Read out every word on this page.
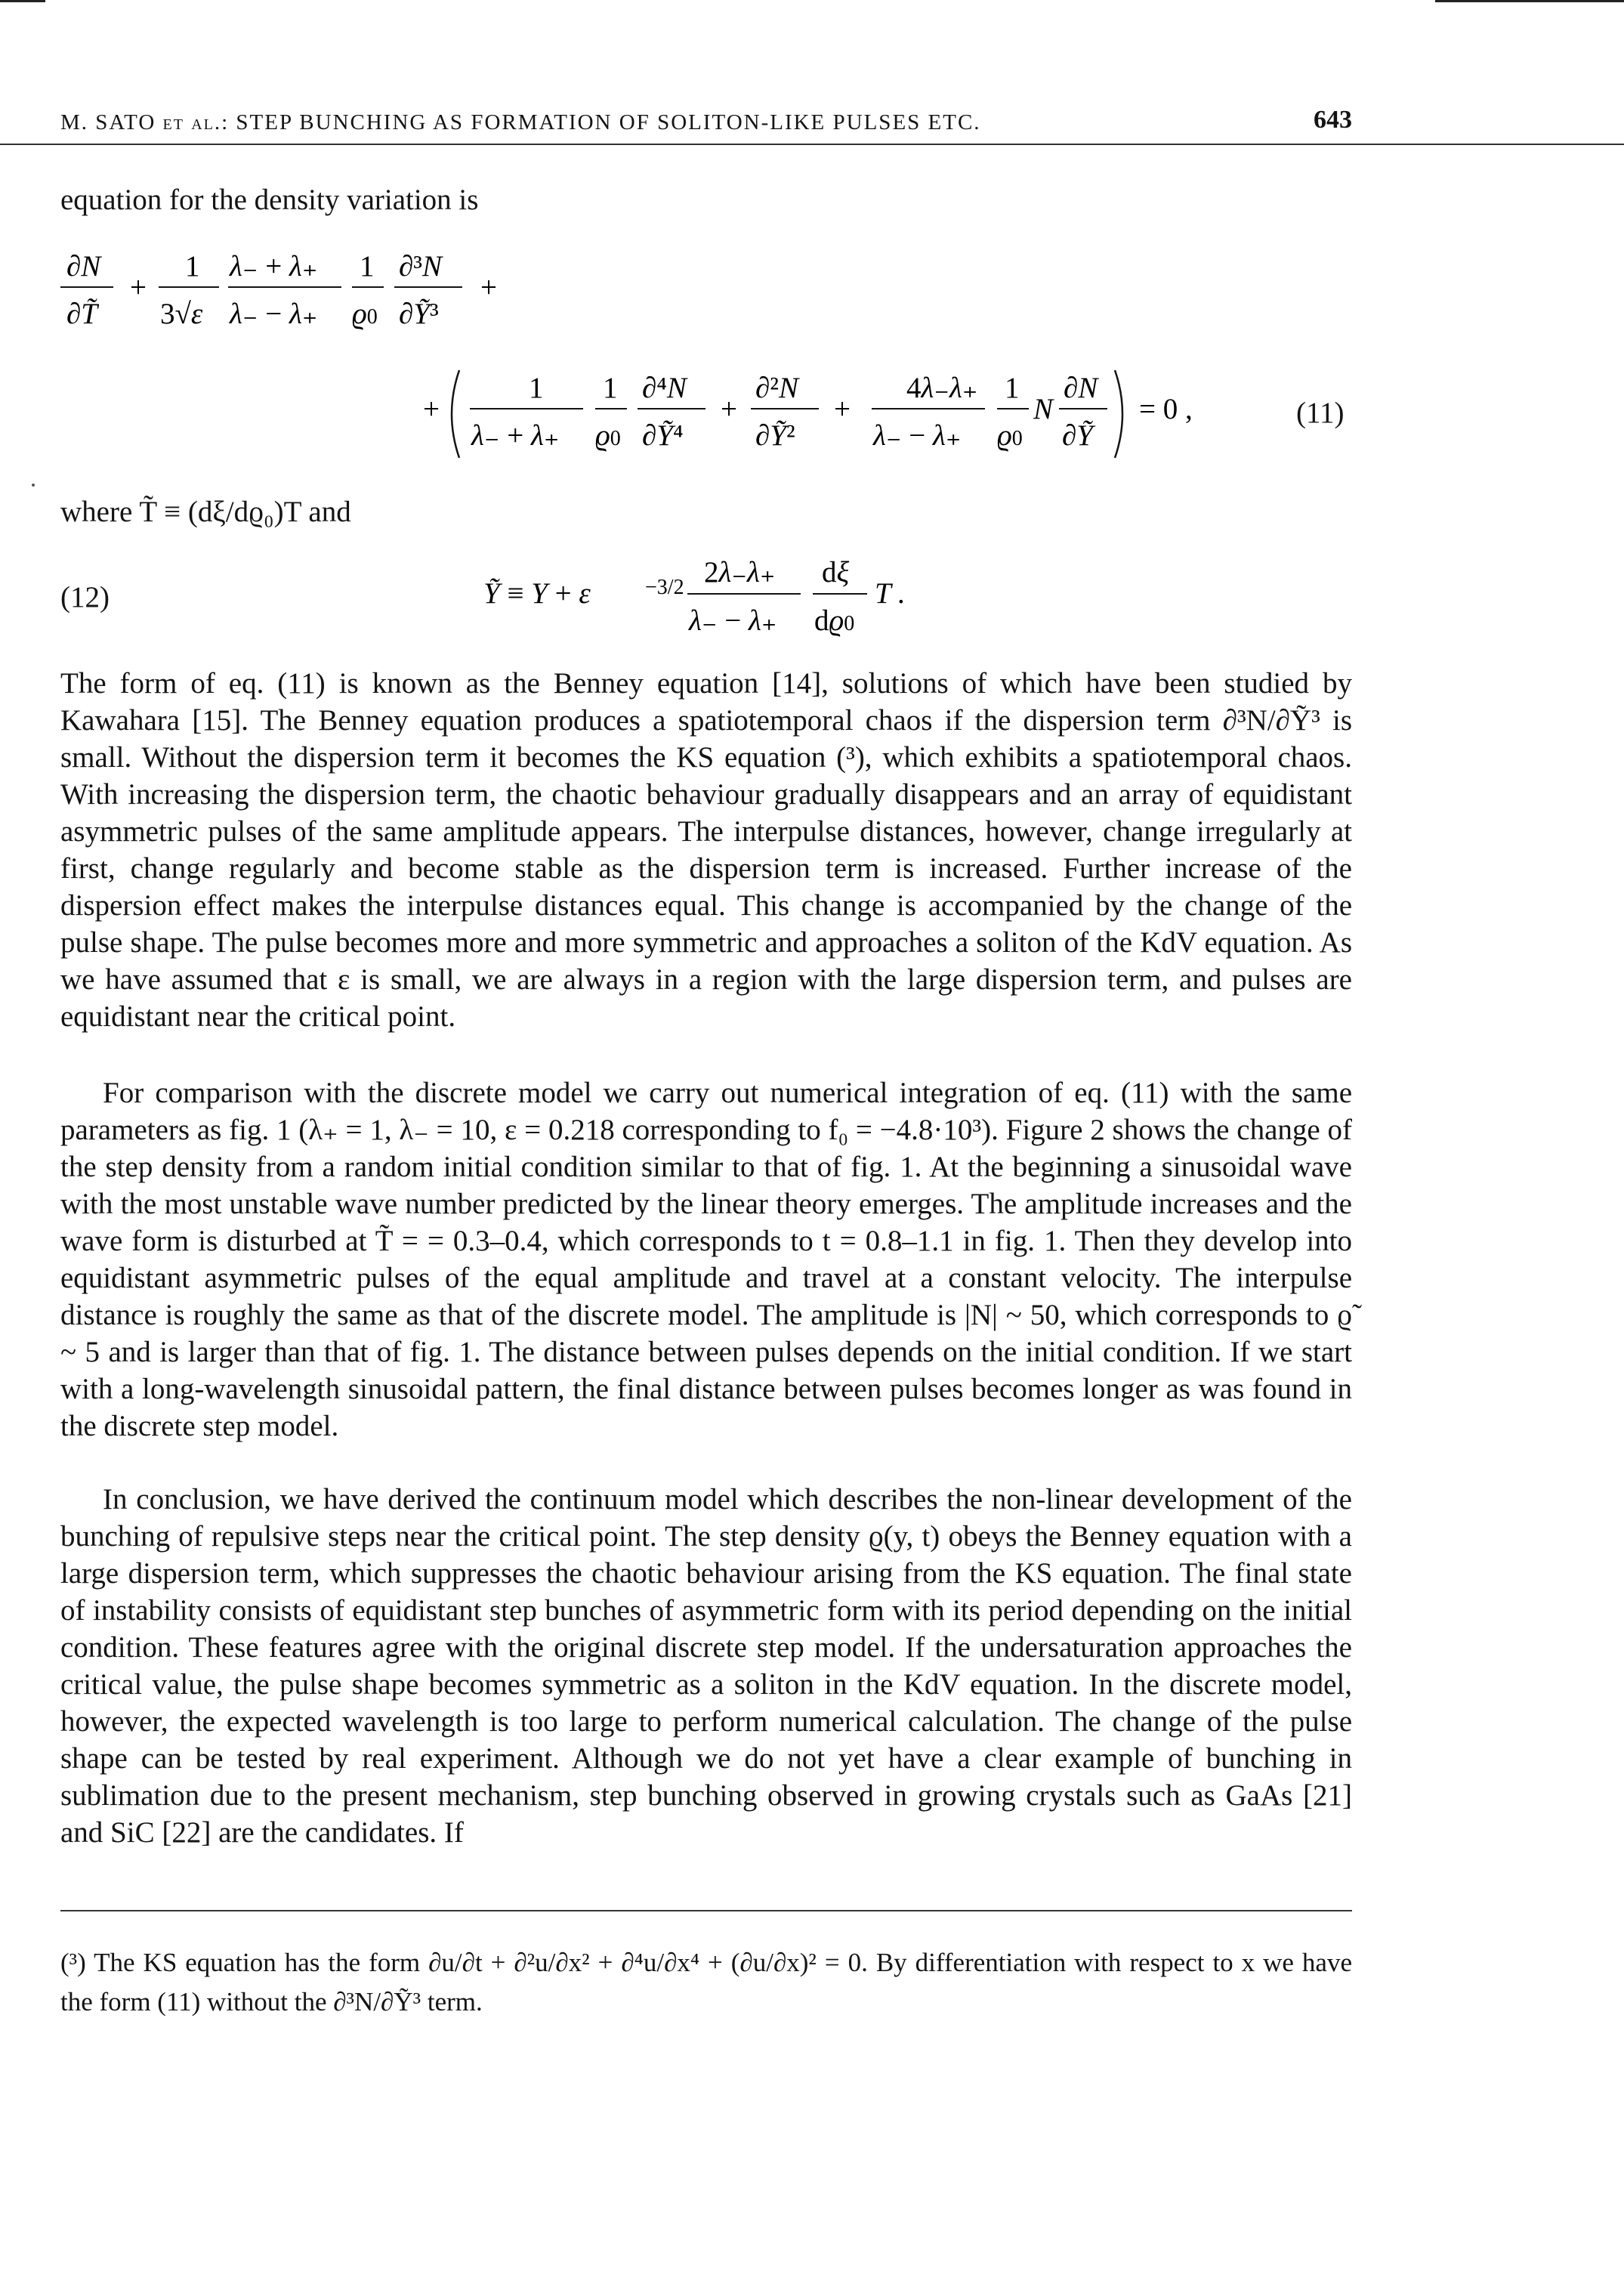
M. SATO et al.: STEP BUNCHING AS FORMATION OF SOLITON-LIKE PULSES ETC.	643
equation for the density variation is
∂N
∂T̃
+
1
3√ε
λ₋ + λ₊
λ₋ − λ₊
1
ϱ0
∂³N
∂Ỹ³
+
+
1
λ₋ + λ₊
1
ϱ0
∂⁴N
∂Ỹ⁴
+
∂²N
∂Ỹ²
+
4λ₋λ₊
λ₋ − λ₊
1
ϱ0
N
∂N
∂Ỹ
= 0 ,	(11)
where T̃ ≡ (dξ/dϱ₀)T and
(12)	Ỹ ≡ Y + ε	−3/2 2λ₋λ₊
λ₋ − λ₊
dξ
dϱ0
T .
The form of eq. (11) is known as the Benney equation [14], solutions of which have been studied by Kawahara [15]. The Benney equation produces a spatiotemporal chaos if the dispersion term ∂³N/∂Ỹ³ is small. Without the dispersion term it becomes the KS equation (³), which exhibits a spatiotemporal chaos. With increasing the dispersion term, the chaotic behaviour gradually disappears and an array of equidistant asymmetric pulses of the same amplitude appears. The interpulse distances, however, change irregularly at first, change regularly and become stable as the dispersion term is increased. Further increase of the dispersion effect makes the interpulse distances equal. This change is accompanied by the change of the pulse shape. The pulse becomes more and more symmetric and approaches a soliton of the KdV equation. As we have assumed that ε is small, we are always in a region with the large dispersion term, and pulses are equidistant near the critical point.
For comparison with the discrete model we carry out numerical integration of eq. (11) with the same parameters as fig. 1 (λ₊ = 1, λ₋ = 10, ε = 0.218 corresponding to f₀ = −4.8·10³). Figure 2 shows the change of the step density from a random initial condition similar to that of fig. 1. At the beginning a sinusoidal wave with the most unstable wave number predicted by the linear theory emerges. The amplitude increases and the wave form is disturbed at T̃ = = 0.3–0.4, which corresponds to t = 0.8–1.1 in fig. 1. Then they develop into equidistant asymmetric pulses of the equal amplitude and travel at a constant velocity. The interpulse distance is roughly the same as that of the discrete model. The amplitude is |N| ~ 50, which corresponds to ϱ̃ ~ 5 and is larger than that of fig. 1. The distance between pulses depends on the initial condition. If we start with a long-wavelength sinusoidal pattern, the final distance between pulses becomes longer as was found in the discrete step model.
In conclusion, we have derived the continuum model which describes the non-linear development of the bunching of repulsive steps near the critical point. The step density ϱ(y, t) obeys the Benney equation with a large dispersion term, which suppresses the chaotic behaviour arising from the KS equation. The final state of instability consists of equidistant step bunches of asymmetric form with its period depending on the initial condition. These features agree with the original discrete step model. If the undersaturation approaches the critical value, the pulse shape becomes symmetric as a soliton in the KdV equation. In the discrete model, however, the expected wavelength is too large to perform numerical calculation. The change of the pulse shape can be tested by real experiment. Although we do not yet have a clear example of bunching in sublimation due to the present mechanism, step bunching observed in growing crystals such as GaAs [21] and SiC [22] are the candidates. If
(³) The KS equation has the form ∂u/∂t + ∂²u/∂x² + ∂⁴u/∂x⁴ + (∂u/∂x)² = 0. By differentiation with respect to x we have the form (11) without the ∂³N/∂Ỹ³ term.
